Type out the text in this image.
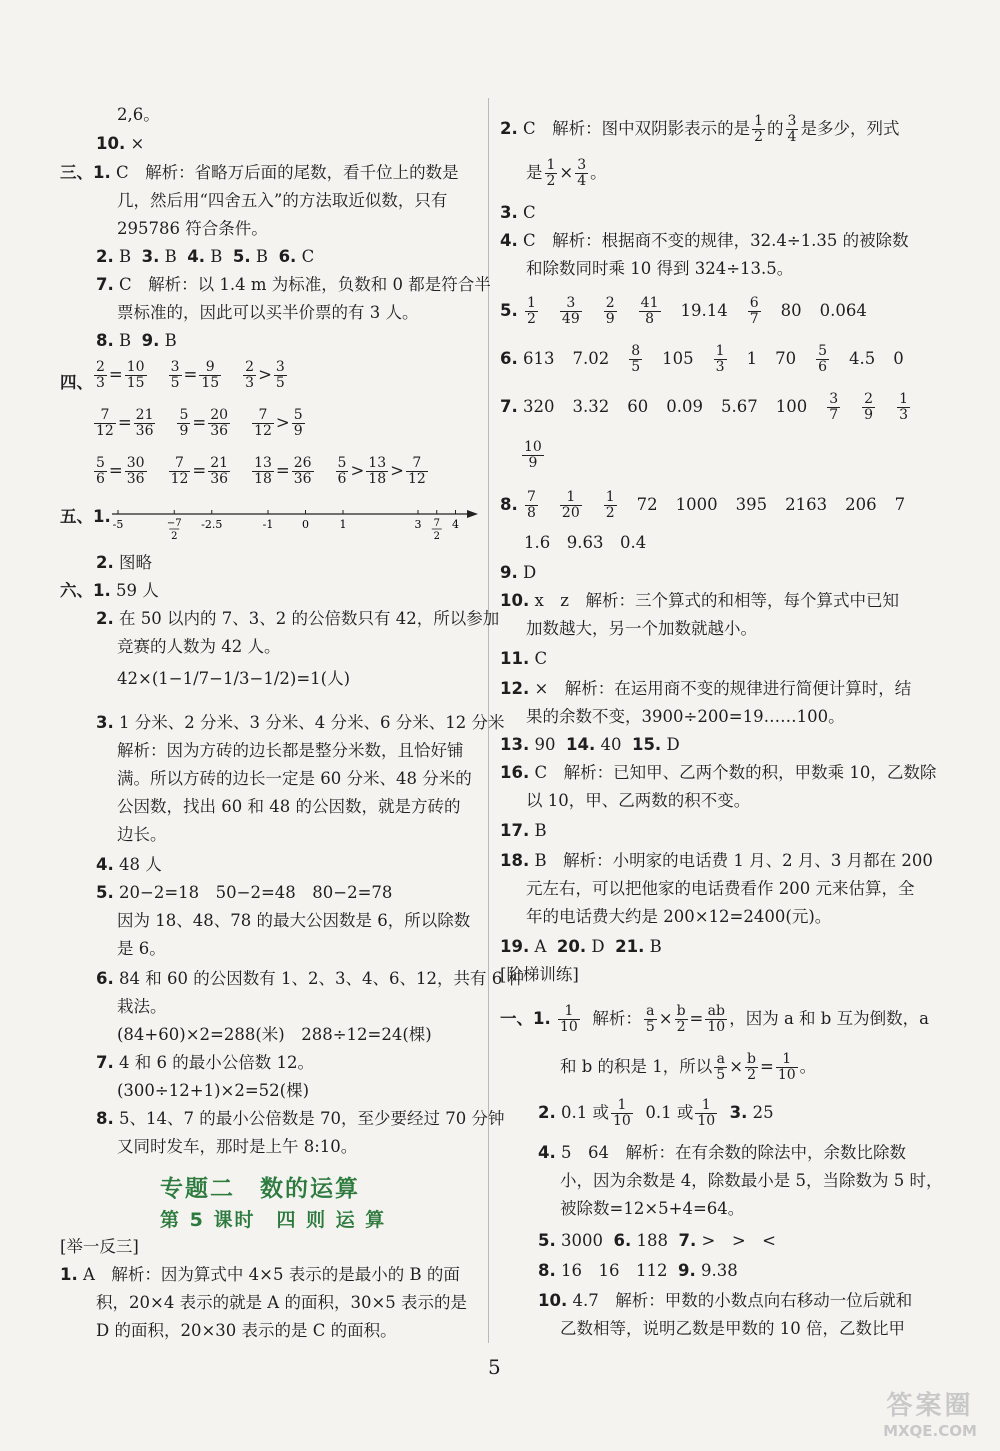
2,6。
10. ×
三、1. C　解析：省略万后面的尾数，看千位上的数是
几，然后用“四舍五入”的方法取近似数，只有
295786 符合条件。
2. B 3. B 4. B 5. B 6. C
7. C　解析：以 1.4 m 为标准，负数和 0 都是符合半
票标准的，因此可以买半价票的有 3 人。
8. B 9. B
四、 $\frac{2}{3} = \frac{10}{15} \frac{3}{5} = \frac{9}{15} \frac{2}{3} > \frac{3}{5}$
$\frac{7}{12} = \frac{21}{36} \frac{5}{9} = \frac{20}{36} \frac{7}{12} > \frac{5}{9}$
$\frac{5}{6} = \frac{30}{36} \frac{7}{12} = \frac{21}{36} \frac{13}{18} = \frac{26}{36} \frac{5}{6} > \frac{13}{18} > \frac{7}{12}$
五、1. -5	-2.5	-1	0	1	3	4
−7
2
7
2
2. 图略
六、1. 59 人
2. 在 50 以内的 7、3、2 的公倍数只有 42，所以参加
竞赛的人数为 42 人。
42×(1−1/7−1/3−1/2)=1(人)
3. 1 分米、2 分米、3 分米、4 分米、6 分米、12 分米
解析：因为方砖的边长都是整分米数，且恰好铺
满。所以方砖的边长一定是 60 分米、48 分米的
公因数，找出 60 和 48 的公因数，就是方砖的
边长。
4. 48 人
5. 20−2=18　50−2=48　80−2=78
因为 18、48、78 的最大公因数是 6，所以除数
是 6。
6. 84 和 60 的公因数有 1、2、3、4、6、12，共有 6 种
栽法。
(84+60)×2=288(米)　288÷12=24(棵)
7. 4 和 6 的最小公倍数 12。
(300÷12+1)×2=52(棵)
8. 5、14、7 的最小公倍数是 70，至少要经过 70 分钟
又同时发车，那时是上午 8:10。
专题二　数的运算
第 5 课时　四 则 运 算
[举一反三]
1. A　解析：因为算式中 4×5 表示的是最小的 B 的面
积，20×4 表示的就是 A 的面积，30×5 表示的是
D 的面积，20×30 表示的是 C 的面积。
2. C　解析：图中双阴影表示的是 $\frac{1}{2}$ 的 $\frac{3}{4}$ 是多少，列式
是 $\frac{1}{2} \times \frac{3}{4}$ 。
3. C
4. C　解析：根据商不变的规律，32.4÷1.35 的被除数
和除数同时乘 10 得到 324÷13.5。
5. $\frac{1}{2} \frac{3}{49} \frac{2}{9} \frac{41}{8} 19.14 \frac{6}{7} 80$ 0.064
6. 613 $7.02 \frac{8}{5} 105 \frac{1}{3} 1$ $70 \frac{5}{6} 4.5$ 0
7. 320 3.32 60 0.09 5.67 $100 \frac{3}{7} \frac{2}{9} \frac{1}{3}$
$\frac{10}{9}$
8. $\frac{7}{8} \frac{1}{20} \frac{1}{2} 72$ 1000 395 2163 206 7
1.6　9.63　0.4
9. D
10. x　z　解析：三个算式的和相等，每个算式中已知
加数越大，另一个加数就越小。
11. C
12. ×　解析：在运用商不变的规律进行简便计算时，结
果的余数不变，3900÷200=19……100。
13. 90 14. 40 15. D
16. C　解析：已知甲、乙两个数的积，甲数乘 10，乙数除
以 10，甲、乙两数的积不变。
17. B
18. B　解析：小明家的电话费 1 月、2 月、3 月都在 200
元左右，可以把他家的电话费看作 200 元来估算，全
年的电话费大约是 200×12=2400(元)。
19. A 20. D 21. B
[阶梯训练]
一、1. $\frac{1}{10}$ 解析： $\frac{a}{5} \times \frac{b}{2} = \frac{ab}{10}$ ，因为 a 和 b 互为倒数，a
和 b 的积是 1，所以 $\frac{a}{5} \times \frac{b}{2} = \frac{1}{10}$ 。
2. 0.1 或 $\frac{1}{10} 0.1$ 或 $\frac{1}{10} 3$. 25
4. 5　64　解析：在有余数的除法中，余数比除数
小，因为余数是 4，除数最小是 5，当除数为 5 时，
被除数=12×5+4=64。
5. 3000 6. 188 7. >　>　<
8. 16　16　112 9. 9.38
10. 4.7　解析：甲数的小数点向右移动一位后就和
乙数相等，说明乙数是甲数的 10 倍，乙数比甲
5
答案圈
MXQE.COM
